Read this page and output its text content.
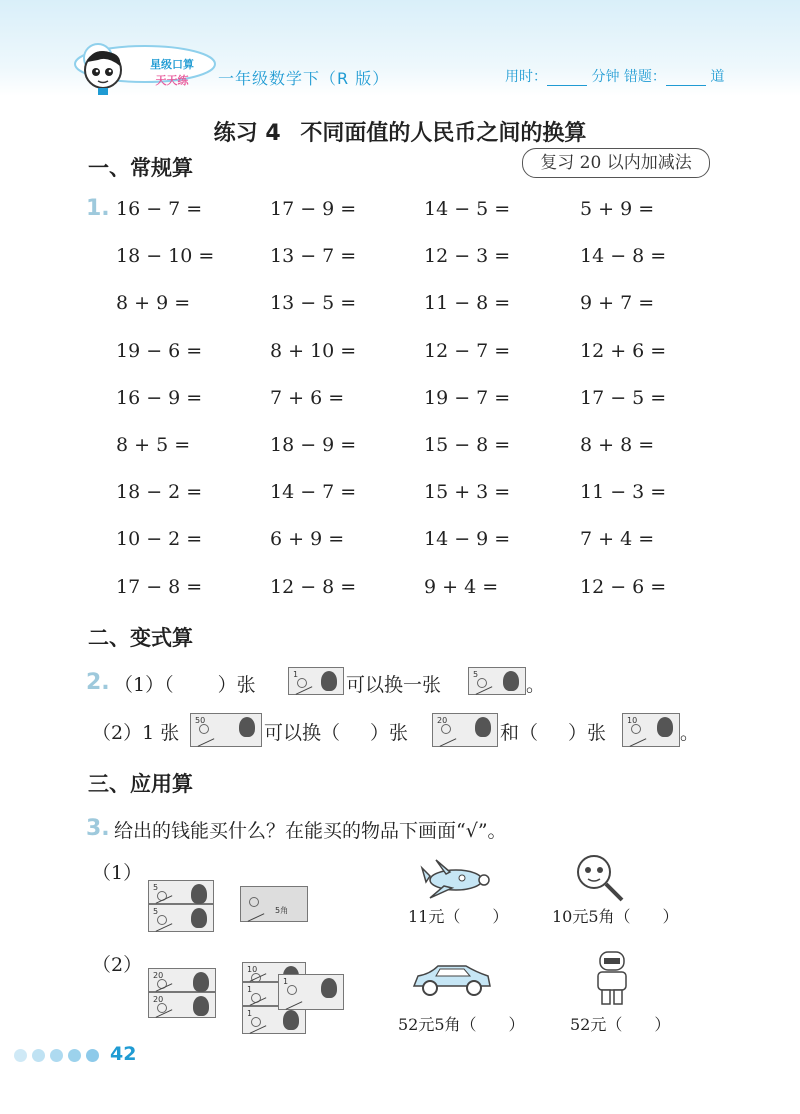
星级口算
天天练	一年级数学下（R 版）	用时：	分钟 错题：	道
练习 4 不同面值的人民币之间的换算
一、常规算	复习 20 以内加减法
1. 16 − 7 =	17 − 9 =	14 − 5 =	5 + 9 =
18 − 10 =	13 − 7 =	12 − 3 =	14 − 8 =
8 + 9 =	13 − 5 =	11 − 8 =	9 + 7 =
19 − 6 =	8 + 10 =	12 − 7 =	12 + 6 =
16 − 9 =	7 + 6 =	19 − 7 =	17 − 5 =
8 + 5 =	18 − 9 =	15 − 8 =	8 + 8 =
18 − 2 =	14 − 7 =	15 + 3 =	11 − 3 =
10 − 2 =	6 + 9 =	14 − 9 =	7 + 4 =
17 − 8 =	12 − 8 =	9 + 4 =	12 − 6 =
二、变式算
2. （1）（ ）张	1	可以换一张	5	。
（2）1 张
50
可以换（ ）张
20
和（ ）张
10
。
三、应用算
3. 给出的钱能买什么？在能买的物品下画面“√”。
（1）
5
5	5角	11元（　　）	10元5角（　　）
（2） 20
20
10
1
1
1
52元5角（　　）	52元（　　）
42
